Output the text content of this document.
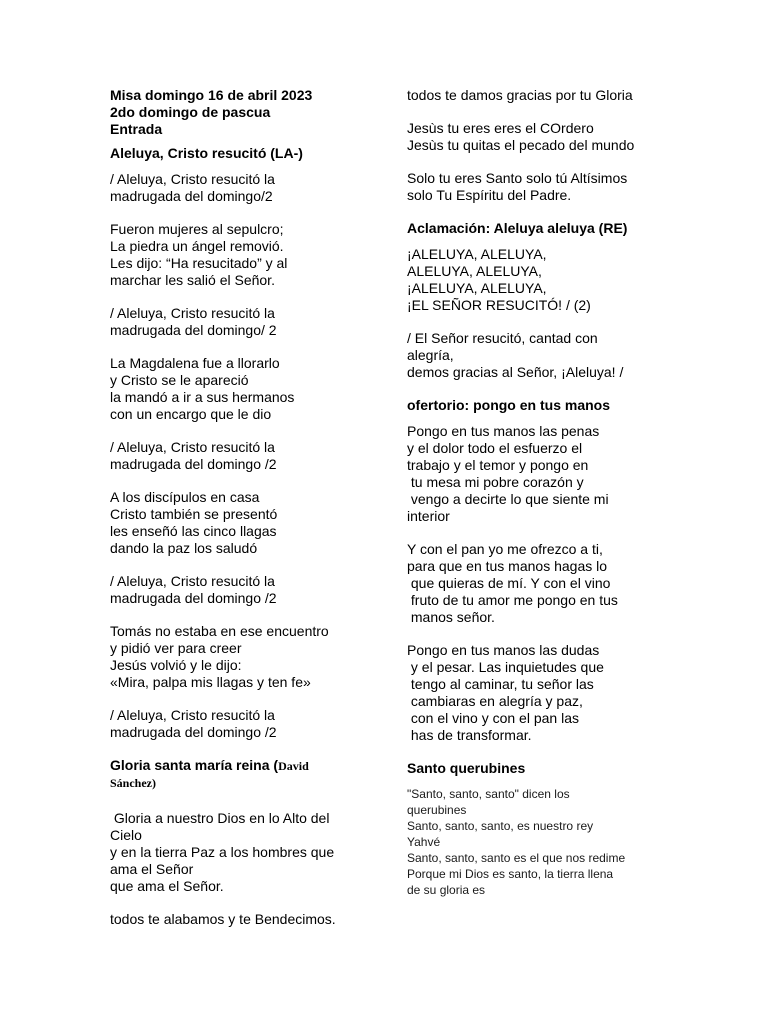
Misa domingo 16 de abril 2023
2do domingo de pascua
Entrada
Aleluya, Cristo resucitó (LA-)
/ Aleluya, Cristo resucitó la
madrugada del domingo/2
Fueron mujeres al sepulcro;
La piedra un ángel removió.
Les dijo: “Ha resucitado” y al
marchar les salió el Señor.
/ Aleluya, Cristo resucitó la
madrugada del domingo/ 2
La Magdalena fue a llorarlo
y Cristo se le apareció
la mandó a ir a sus hermanos
con un encargo que le dio
/ Aleluya, Cristo resucitó la
madrugada del domingo /2
A los discípulos en casa
Cristo también se presentó
les enseñó las cinco llagas
dando la paz los saludó
/ Aleluya, Cristo resucitó la
madrugada del domingo /2
Tomás no estaba en ese encuentro
y pidió ver para creer
Jesús volvió y le dijo:
«Mira, palpa mis llagas y ten fe»
/ Aleluya, Cristo resucitó la
madrugada del domingo /2
Gloria santa maría reina (David
Sánchez)
Gloria a nuestro Dios en lo Alto del
Cielo
y en la tierra Paz a los hombres que
ama el Señor
que ama el Señor.
todos te alabamos y te Bendecimos.
todos te damos gracias por tu Gloria
Jesùs tu eres eres el COrdero
Jesùs tu quitas el pecado del mundo
Solo tu eres Santo solo tú Altísimos
solo Tu Espíritu del Padre.
Aclamación: Aleluya aleluya (RE)
¡ALELUYA, ALELUYA,
ALELUYA, ALELUYA,
¡ALELUYA, ALELUYA,
¡EL SEÑOR RESUCITÓ! / (2)
/ El Señor resucitó, cantad con
alegría,
demos gracias al Señor, ¡Aleluya! /
ofertorio: pongo en tus manos
Pongo en tus manos las penas
y el dolor todo el esfuerzo el
trabajo y el temor y pongo en
tu mesa mi pobre corazón y
vengo a decirte lo que siente mi
interior
Y con el pan yo me ofrezco a ti,
para que en tus manos hagas lo
que quieras de mí. Y con el vino
fruto de tu amor me pongo en tus
manos señor.
Pongo en tus manos las dudas
y el pesar. Las inquietudes que
tengo al caminar, tu señor las
cambiaras en alegría y paz,
con el vino y con el pan las
has de transformar.
Santo querubines
"Santo, santo, santo" dicen los
querubines
Santo, santo, santo, es nuestro rey
Yahvé
Santo, santo, santo es el que nos redime
Porque mi Dios es santo, la tierra llena
de su gloria es
